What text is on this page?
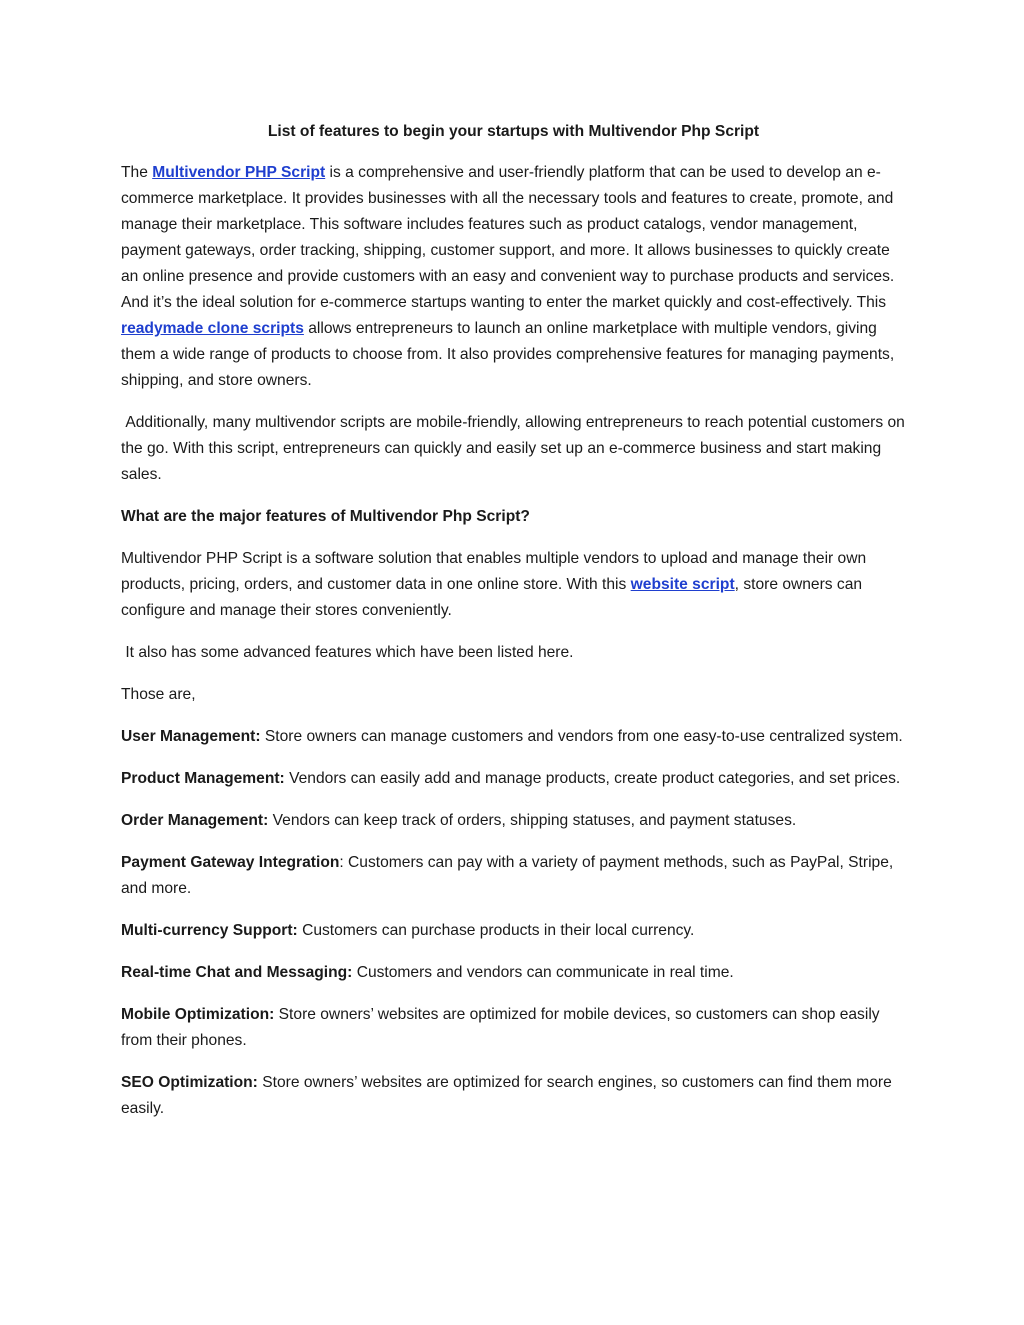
List of features to begin your startups with Multivendor Php Script

The Multivendor PHP Script is a comprehensive and user-friendly platform that can be used to develop an e-commerce marketplace. It provides businesses with all the necessary tools and features to create, promote, and manage their marketplace. This software includes features such as product catalogs, vendor management, payment gateways, order tracking, shipping, customer support, and more. It allows businesses to quickly create an online presence and provide customers with an easy and convenient way to purchase products and services. And it’s the ideal solution for e-commerce startups wanting to enter the market quickly and cost-effectively. This readymade clone scripts allows entrepreneurs to launch an online marketplace with multiple vendors, giving them a wide range of products to choose from. It also provides comprehensive features for managing payments, shipping, and store owners.

Additionally, many multivendor scripts are mobile-friendly, allowing entrepreneurs to reach potential customers on the go. With this script, entrepreneurs can quickly and easily set up an e-commerce business and start making sales.

What are the major features of Multivendor Php Script?

Multivendor PHP Script is a software solution that enables multiple vendors to upload and manage their own products, pricing, orders, and customer data in one online store. With this website script, store owners can configure and manage their stores conveniently.

It also has some advanced features which have been listed here.

Those are,

User Management: Store owners can manage customers and vendors from one easy-to-use centralized system.

Product Management: Vendors can easily add and manage products, create product categories, and set prices.

Order Management: Vendors can keep track of orders, shipping statuses, and payment statuses.

Payment Gateway Integration: Customers can pay with a variety of payment methods, such as PayPal, Stripe, and more.

Multi-currency Support: Customers can purchase products in their local currency.

Real-time Chat and Messaging: Customers and vendors can communicate in real time.

Mobile Optimization: Store owners’ websites are optimized for mobile devices, so customers can shop easily from their phones.

SEO Optimization: Store owners’ websites are optimized for search engines, so customers can find them more easily.
